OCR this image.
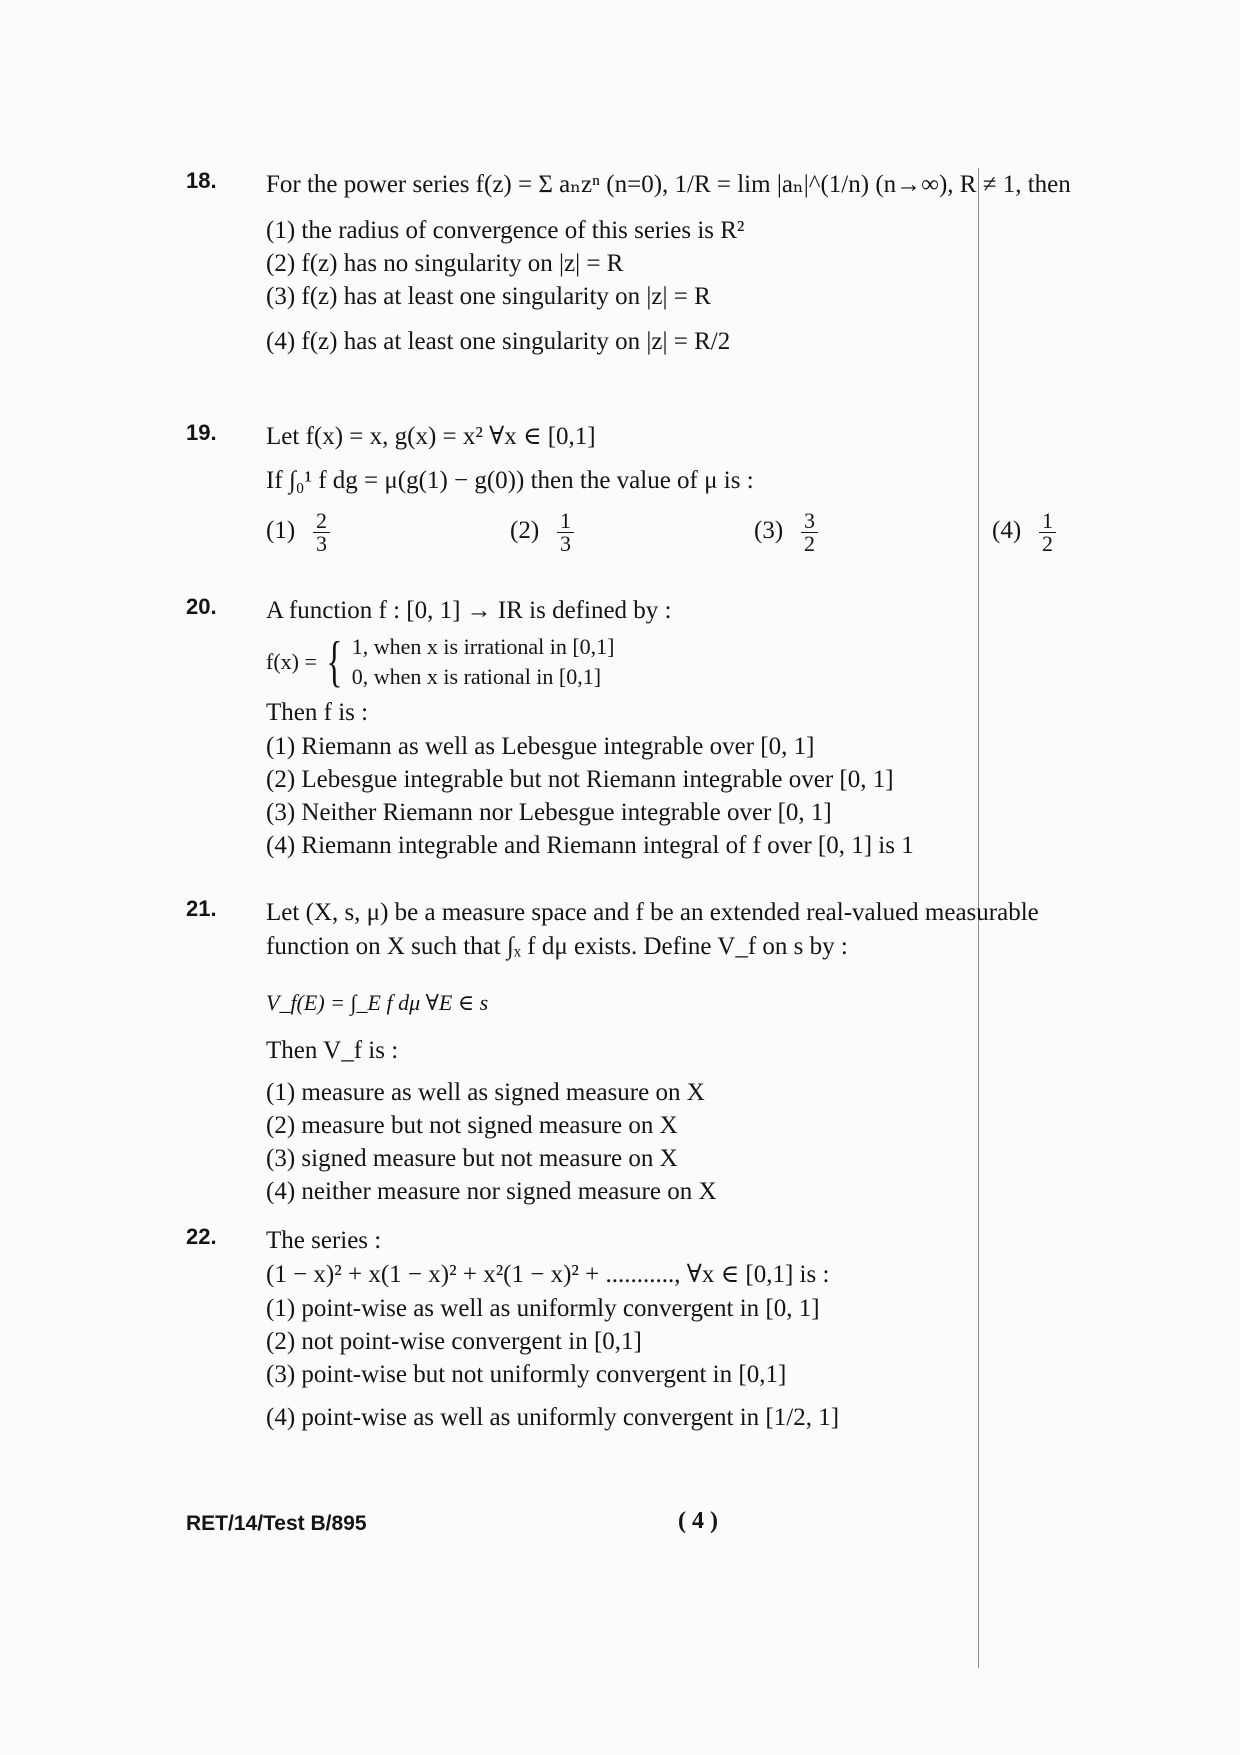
18.	For the power series f(z) = Σ aₙzⁿ (n=0), 1/R = lim |aₙ|^(1/n) (n→∞), R ≠ 1, then
(1) the radius of convergence of this series is R²
(2) f(z) has no singularity on |z| = R
(3) f(z) has at least one singularity on |z| = R
(4) f(z) has at least one singularity on |z| = R/2
19.	Let f(x) = x, g(x) = x² ∀x ∈ [0,1]
If ∫₀¹ f dg = μ(g(1) − g(0)) then the value of μ is :
$(1) \frac{2}{3}$	$(2) \frac{1}{3}$	$(3) \frac{3}{2}$	$(4) \frac{1}{2}$
20.	A function f : [0, 1] → IR is defined by :
f(x) = { 1, when x is irrational in [0,1]
0, when x is rational in [0,1]
Then f is :
(1) Riemann as well as Lebesgue integrable over [0, 1]
(2) Lebesgue integrable but not Riemann integrable over [0, 1]
(3) Neither Riemann nor Lebesgue integrable over [0, 1]
(4) Riemann integrable and Riemann integral of f over [0, 1] is 1
21.	Let (X, s, μ) be a measure space and f be an extended real-valued measurable
function on X such that ∫ₓ f dμ exists. Define V_f on s by :
V_f(E) = ∫_E f dμ ∀E ∈ s
Then V_f is :
(1) measure as well as signed measure on X
(2) measure but not signed measure on X
(3) signed measure but not measure on X
(4) neither measure nor signed measure on X
22.	The series :
(1 − x)² + x(1 − x)² + x²(1 − x)² + ..........., ∀x ∈ [0,1] is :
(1) point-wise as well as uniformly convergent in [0, 1]
(2) not point-wise convergent in [0,1]
(3) point-wise but not uniformly convergent in [0,1]
(4) point-wise as well as uniformly convergent in [1/2, 1]
RET/14/Test B/895	( 4 )
